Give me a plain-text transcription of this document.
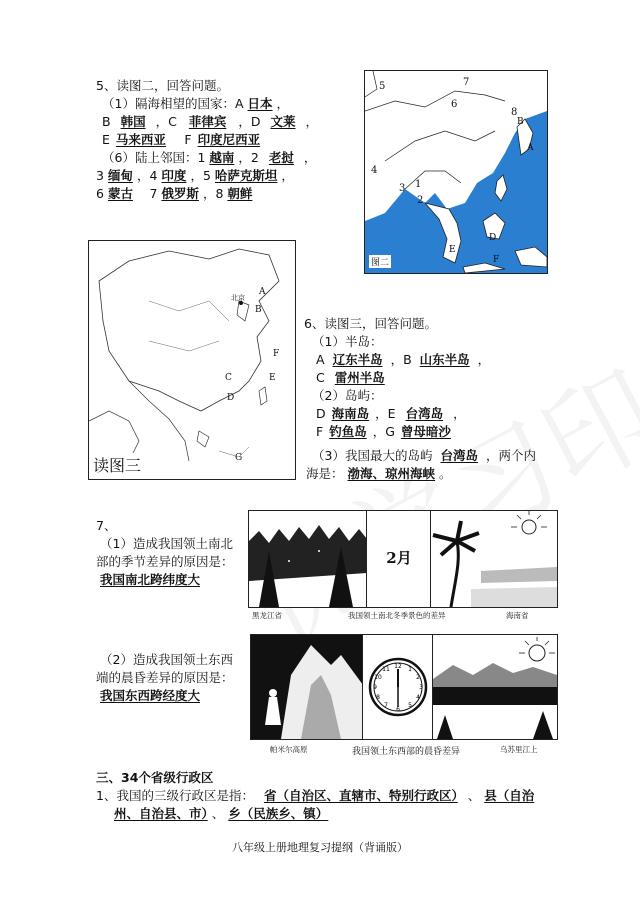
5、读图二，回答问题。
（1）隔海相望的国家：A 日本 ，
B 韩国 ，C 菲律宾 ，D 文莱 ，
E 马来西亚　F 印度尼西亚
（6）陆上邻国：1 越南 ，2 老挝 ，
3 缅甸 ，4 印度 ，5 哈萨克斯坦 ，
6 蒙古　7 俄罗斯 ，8 朝鲜
5	7
6
8
B
A
4
3 1
2
D
F
E
图二
北京
A
B
F
E
C
D
G
读图三
6、读图三，回答问题。
（1）半岛：
A 辽东半岛 ，B 山东半岛 ，
C 雷州半岛
（2）岛屿：
D 海南岛 ，E 台湾岛 ，
F 钓鱼岛 ，G 曾母暗沙
（3）我国最大的岛屿 台湾岛 ，两个内
海是： 渤海、琼州海峡 。
7、
（1）造成我国领土南北
部的季节差异的原因是：
我国南北跨纬度大
2月
黑龙江省	我国领土南北冬季景色的差异	海南省
（2）造成我国领土东西
端的晨昏差异的原因是：
我国东西跨经度大
12 1
2
3
4
5
6
7
8
9
10
11
帕米尔高原	我国领土东西部的晨昏差异	乌苏里江上
三、34个省级行政区
1、我国的三级行政区是指： 省（自治区、直辖市、特别行政区） 、 县（自治
州、自治县、市） 、 乡（民族乡、镇）
八年级上册地理复习提纲（背诵版）
